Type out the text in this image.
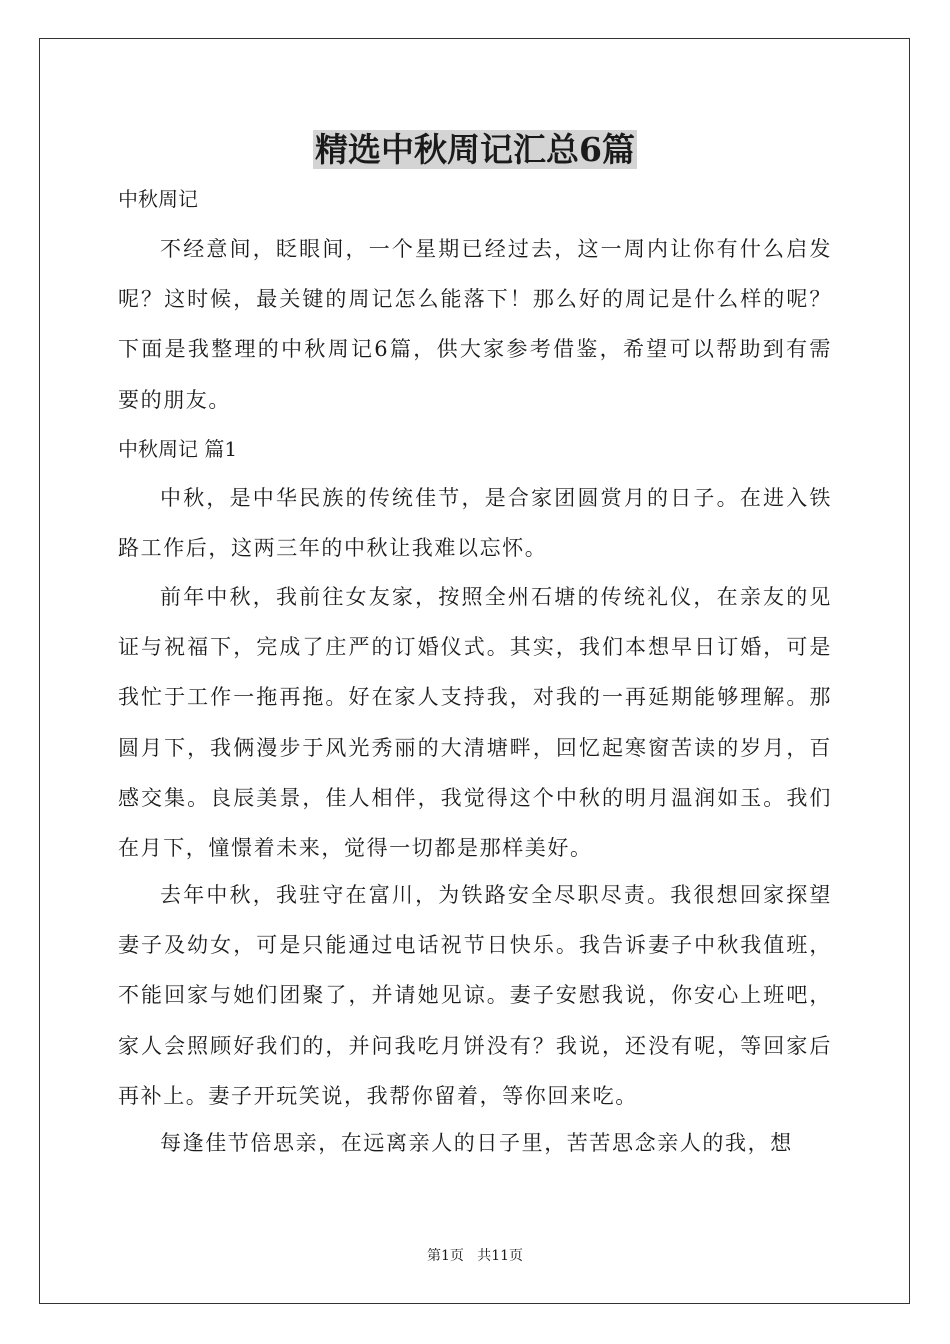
精选中秋周记汇总6篇

中秋周记

不经意间，眨眼间，一个星期已经过去，这一周内让你有什么启发呢？这时候，最关键的周记怎么能落下！那么好的周记是什么样的呢？下面是我整理的中秋周记6篇，供大家参考借鉴，希望可以帮助到有需要的朋友。

中秋周记 篇1

中秋，是中华民族的传统佳节，是合家团圆赏月的日子。在进入铁路工作后，这两三年的中秋让我难以忘怀。

前年中秋，我前往女友家，按照全州石塘的传统礼仪，在亲友的见证与祝福下，完成了庄严的订婚仪式。其实，我们本想早日订婚，可是我忙于工作一拖再拖。好在家人支持我，对我的一再延期能够理解。那圆月下，我俩漫步于风光秀丽的大清塘畔，回忆起寒窗苦读的岁月，百感交集。良辰美景，佳人相伴，我觉得这个中秋的明月温润如玉。我们在月下，憧憬着未来，觉得一切都是那样美好。

去年中秋，我驻守在富川，为铁路安全尽职尽责。我很想回家探望妻子及幼女，可是只能通过电话祝节日快乐。我告诉妻子中秋我值班，不能回家与她们团聚了，并请她见谅。妻子安慰我说，你安心上班吧，家人会照顾好我们的，并问我吃月饼没有？我说，还没有呢，等回家后再补上。妻子开玩笑说，我帮你留着，等你回来吃。

每逢佳节倍思亲，在远离亲人的日子里，苦苦思念亲人的我，想

第1页   共11页
